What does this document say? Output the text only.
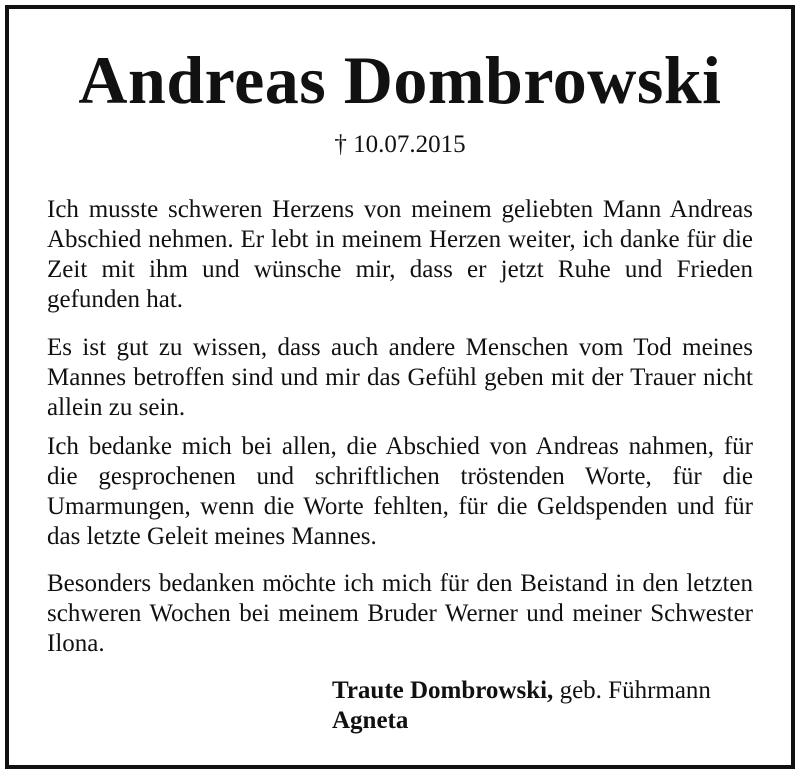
Andreas Dombrowski
† 10.07.2015

Ich musste schweren Herzens von meinem geliebten Mann Andreas Abschied nehmen. Er lebt in meinem Herzen weiter, ich danke für die Zeit mit ihm und wünsche mir, dass er jetzt Ruhe und Frieden gefunden hat.

Es ist gut zu wissen, dass auch andere Menschen vom Tod meines Mannes betroffen sind und mir das Gefühl geben mit der Trauer nicht allein zu sein.

Ich bedanke mich bei allen, die Abschied von Andreas nahmen, für die gesprochenen und schriftlichen tröstenden Worte, für die Umarmungen, wenn die Worte fehlten, für die Geldspenden und für das letzte Geleit meines Mannes.

Besonders bedanken möchte ich mich für den Beistand in den letzten schweren Wochen bei meinem Bruder Werner und meiner Schwester Ilona.

Traute Dombrowski, geb. Führmann
Agneta
